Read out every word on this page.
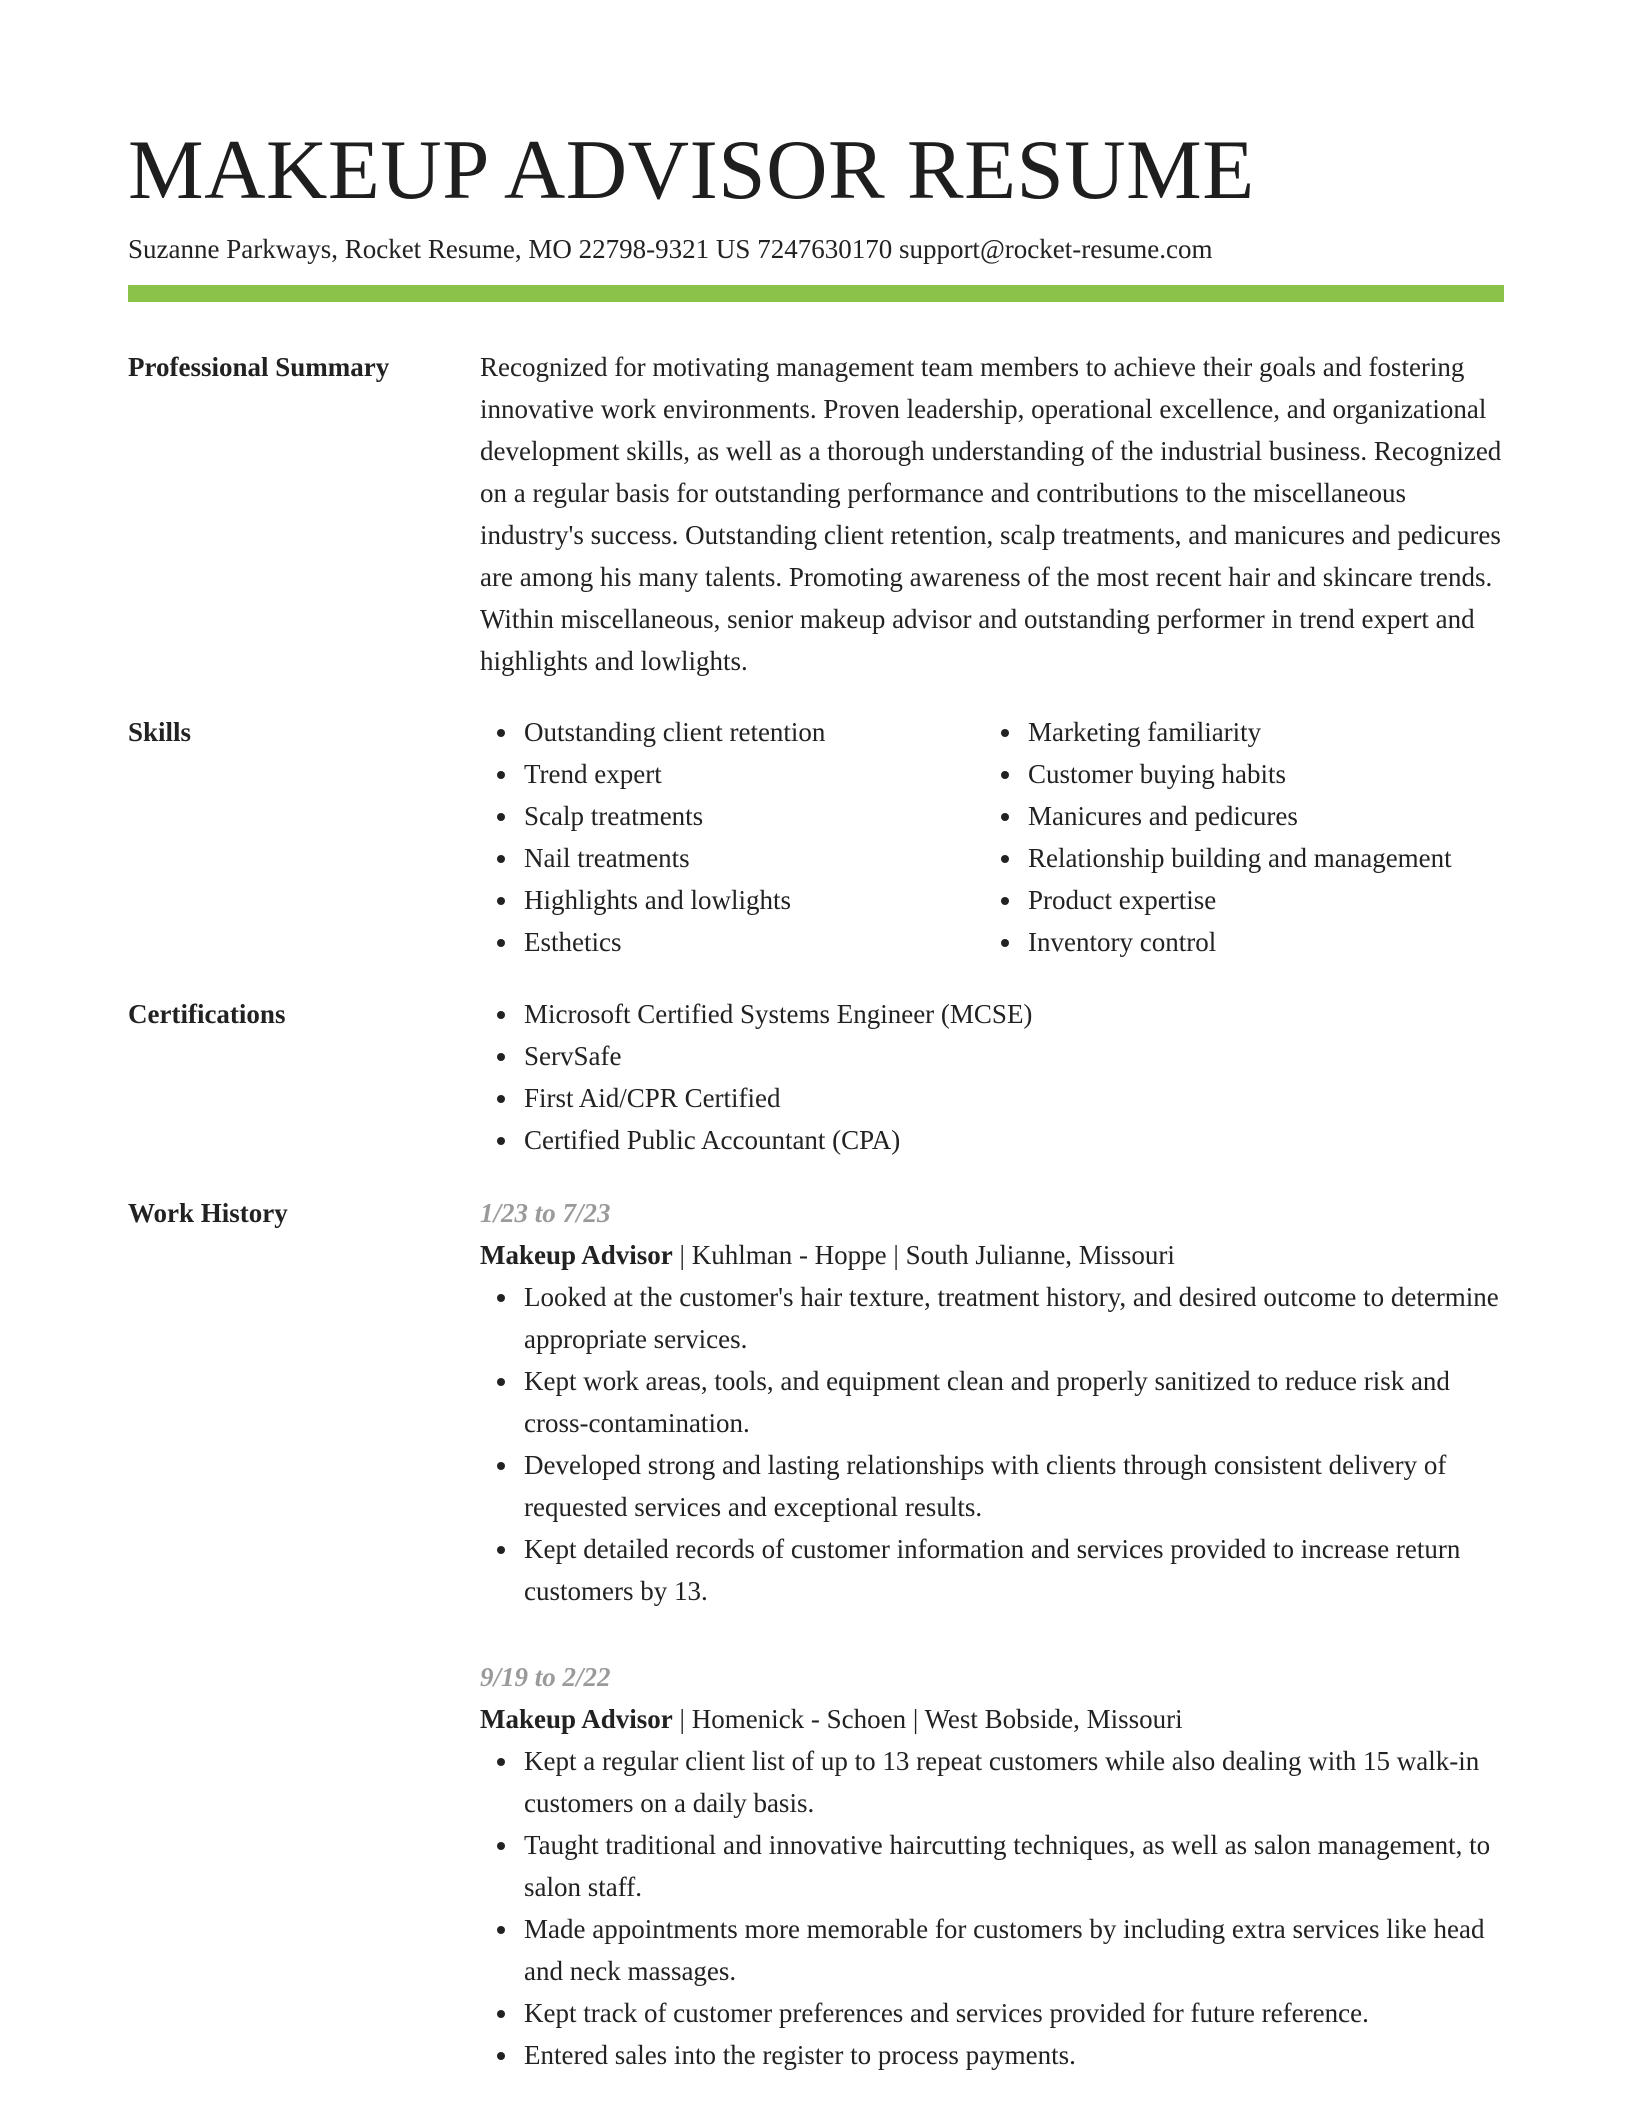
MAKEUP ADVISOR RESUME
Suzanne Parkways, Rocket Resume, MO 22798-9321 US 7247630170 support@rocket-resume.com
Professional Summary	Recognized for motivating management team members to achieve their goals and fostering innovative work environments. Proven leadership, operational excellence, and organizational development skills, as well as a thorough understanding of the industrial business. Recognized on a regular basis for outstanding performance and contributions to the miscellaneous industry's success. Outstanding client retention, scalp treatments, and manicures and pedicures are among his many talents. Promoting awareness of the most recent hair and skincare trends. Within miscellaneous, senior makeup advisor and outstanding performer in trend expert and highlights and lowlights.

Skills	Outstanding client retention
Trend expert
Scalp treatments
Nail treatments
Highlights and lowlights
Esthetics
Marketing familiarity
Customer buying habits
Manicures and pedicures
Relationship building and management
Product expertise
Inventory control
Certifications	Microsoft Certified Systems Engineer (MCSE)
ServSafe
First Aid/CPR Certified
Certified Public Accountant (CPA)
Work History	1/23 to 7/23
Makeup Advisor | Kuhlman - Hoppe | South Julianne, Missouri
Looked at the customer's hair texture, treatment history, and desired outcome to determine appropriate services.
Kept work areas, tools, and equipment clean and properly sanitized to reduce risk and cross-contamination.
Developed strong and lasting relationships with clients through consistent delivery of requested services and exceptional results.
Kept detailed records of customer information and services provided to increase return customers by 13.
9/19 to 2/22
Makeup Advisor | Homenick - Schoen | West Bobside, Missouri
Kept a regular client list of up to 13 repeat customers while also dealing with 15 walk-in customers on a daily basis.
Taught traditional and innovative haircutting techniques, as well as salon management, to salon staff.
Made appointments more memorable for customers by including extra services like head and neck massages.
Kept track of customer preferences and services provided for future reference.
Entered sales into the register to process payments.
